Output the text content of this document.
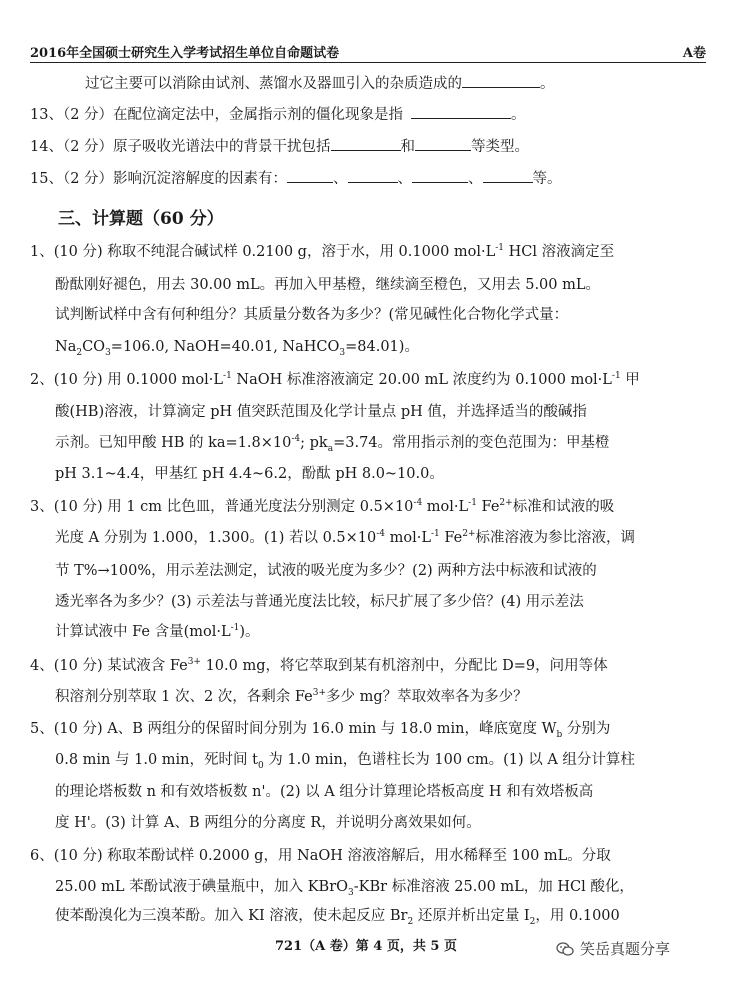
2016年全国硕士研究生入学考试招生单位自命题试卷	A卷
过它主要可以消除由试剂、蒸馏水及器皿引入的杂质造成的	。
13、（2 分）在配位滴定法中，金属指示剂的僵化现象是指	。
14、（2 分）原子吸收光谱法中的背景干扰包括	和	等类型。
15、（2 分）影响沉淀溶解度的因素有：	、	、	、	等。
三、计算题（60 分）
1、(10 分) 称取不纯混合碱试样 0.2100 g，溶于水，用 0.1000 $mol\cdot L^{-1}$ HCl 溶液滴定至
酚酞刚好褪色，用去 30.00 mL。再加入甲基橙，继续滴至橙色，又用去 5.00 mL。
试判断试样中含有何种组分？其质量分数各为多少？(常见碱性化合物化学式量：
$Na_2CO_3=106.0$, NaOH=40.01, NaHCO$_3$=84.01)。
2、(10 分) 用 0.1000 $mol\cdot L^{-1}$ NaOH 标准溶液滴定 20.00 mL 浓度约为 0.1000 $mol\cdot L^{-1}$ 甲
酸(HB)溶液，计算滴定 pH 值突跃范围及化学计量点 pH 值，并选择适当的酸碱指
示剂。已知甲酸 HB 的 $ka=1.8\times 10^{-4}$; $pk_a=3.74$。常用指示剂的变色范围为：甲基橙
pH 3.1~4.4，甲基红 pH 4.4~6.2，酚酞 pH 8.0~10.0。
3、(10 分) 用 1 cm 比色皿，普通光度法分别测定 $0.5\times 10^{-4}$ $mol\cdot L^{-1}$ $Fe^{2+}$标准和试液的吸
光度 A 分别为 1.000，1.300。(1) 若以 $0.5\times 10^{-4}$ $mol\cdot L^{-1}$ $Fe^{2+}$标准溶液为参比溶液，调
节 T%→100%，用示差法测定，试液的吸光度为多少？(2) 两种方法中标液和试液的
透光率各为多少？(3) 示差法与普通光度法比较，标尺扩展了多少倍？(4) 用示差法
计算试液中 Fe 含量$(mol\cdot L^{-1})$。
4、(10 分) 某试液含 $Fe^{3+}$ 10.0 mg，将它萃取到某有机溶剂中，分配比 D=9，问用等体
积溶剂分别萃取 1 次、2 次，各剩余 $Fe^{3+}$多少 mg？萃取效率各为多少？
5、(10 分) A、B 两组分的保留时间分别为 16.0 min 与 18.0 min，峰底宽度 $W_b$ 分别为
0.8 min 与 1.0 min，死时间 $t_0$ 为 1.0 min，色谱柱长为 100 cm。(1) 以 A 组分计算柱
的理论塔板数 n 和有效塔板数 n'。(2) 以 A 组分计算理论塔板高度 H 和有效塔板高
度 H'。(3) 计算 A、B 两组分的分离度 R，并说明分离效果如何。
6、(10 分) 称取苯酚试样 0.2000 g，用 NaOH 溶液溶解后，用水稀释至 100 mL。分取
25.00 mL 苯酚试液于碘量瓶中，加入 KBrO$_3$-KBr 标准溶液 25.00 mL，加 HCl 酸化，
使苯酚溴化为三溴苯酚。加入 KI 溶液，使未起反应 $Br_2$ 还原并析出定量 $I_2$，用 0.1000
721（A 卷）第 4 页，共 5 页	笑岳真题分享
